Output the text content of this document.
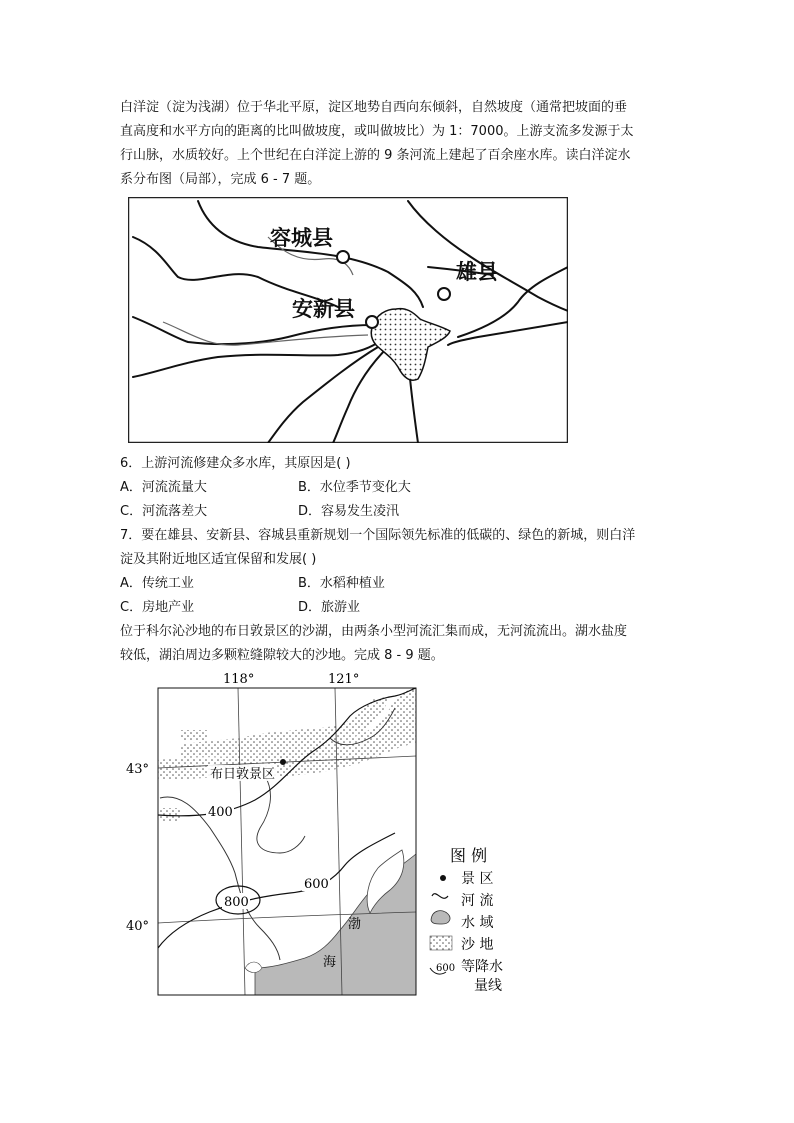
白洋淀（淀为浅湖）位于华北平原，淀区地势自西向东倾斜，自然坡度（通常把坡面的垂
直高度和水平方向的距离的比叫做坡度，或叫做坡比）为 1：7000。上游支流多发源于太
行山脉，水质较好。上个世纪在白洋淀上游的 9 条河流上建起了百余座水库。读白洋淀水
系分布图（局部），完成 6 - 7 题。
容城县
雄县
安新县
6．上游河流修建众多水库，其原因是( )
A．河流流量大	B．水位季节变化大
C．河流落差大	D．容易发生凌汛
7．要在雄县、安新县、容城县重新规划一个国际领先标准的低碳的、绿色的新城，则白洋
淀及其附近地区适宜保留和发展( )
A．传统工业	B．水稻种植业
C．房地产业	D．旅游业
位于科尔沁沙地的布日敦景区的沙湖，由两条小型河流汇集而成，无河流流出。湖水盐度
较低，湖泊周边多颗粒缝隙较大的沙地。完成 8 - 9 题。
118°	121°
43°
40°
布日敦景区
400
600
800
渤
海
图 例
景 区
河 流
水 域
沙 地
600 等降水
量线
